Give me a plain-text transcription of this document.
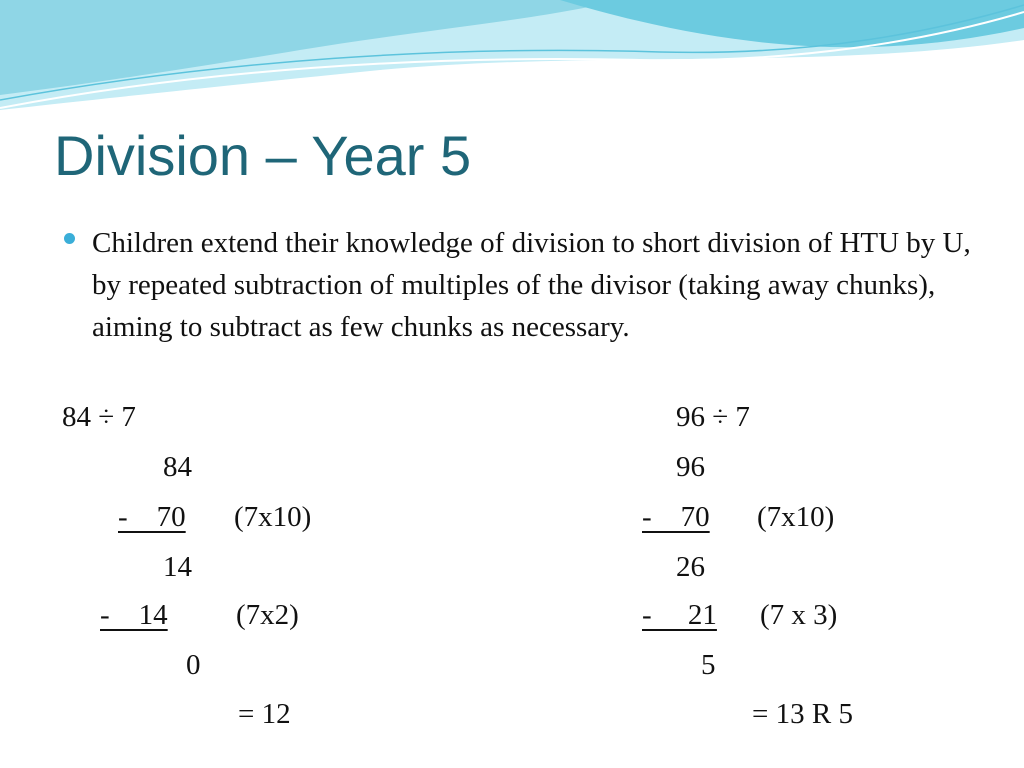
Division – Year 5
Children extend their knowledge of division to short division of HTU by U, by repeated subtraction of multiples of the divisor (taking away chunks), aiming to subtract as few chunks as necessary.
84 ÷ 7
84
-    70 (7x10)
14
-    14 (7x2)
0
= 12
96 ÷ 7
96
-    70 (7x10)
26
-     21 (7 x 3)
5
= 13 R 5
